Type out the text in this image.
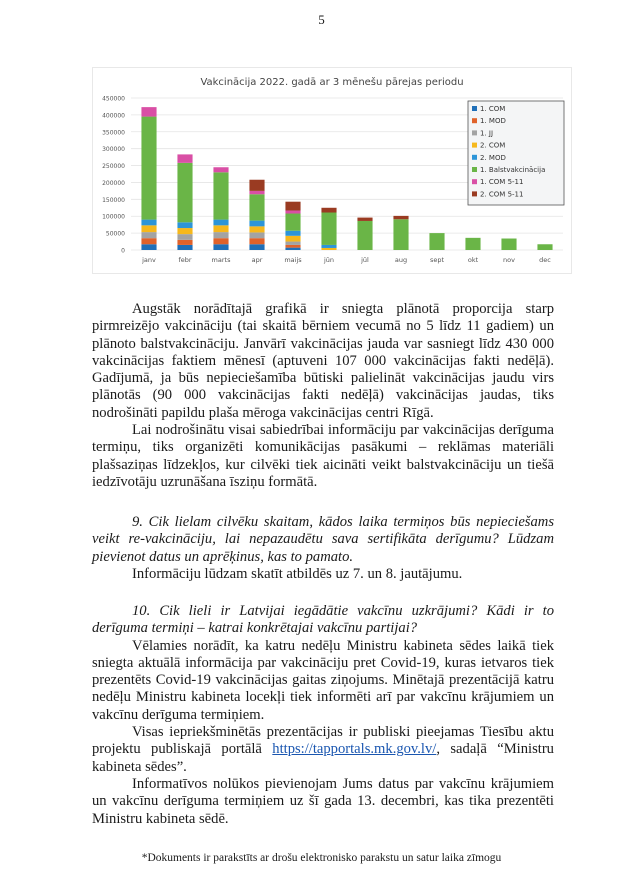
5
Vakcinācija 2022. gadā ar 3 mēnešu pārejas periodu
0
50000
100000
150000
200000
250000
300000
350000
400000
450000
janv	febr	marts	apr	maijs	jūn	jūl	aug	sept	okt	nov	dec
1. COM
1. MOD
1. JJ
2. COM
2. MOD
1. Balstvakcinācija
1. COM 5-11
2. COM 5-11

Augstāk norādītajā grafikā ir sniegta plānotā proporcija starp pirmreizējo vakcināciju (tai skaitā bērniem vecumā no 5 līdz 11 gadiem) un plānoto balstvakcināciju. Janvārī vakcinācijas jauda var sasniegt līdz 430 000 vakcinācijas faktiem mēnesī (aptuveni 107 000 vakcinācijas fakti nedēļā). Gadījumā, ja būs nepieciešamība būtiski palielināt vakcinācijas jaudu virs plānotās (90 000 vakcinācijas fakti nedēļā) vakcinācijas jaudas, tiks nodrošināti papildu plaša mēroga vakcinācijas centri Rīgā.

Lai nodrošinātu visai sabiedrībai informāciju par vakcinācijas derīguma termiņu, tiks organizēti komunikācijas pasākumi – reklāmas materiāli plašsaziņas līdzekļos, kur cilvēki tiek aicināti veikt balstvakcināciju un tiešā iedzīvotāju uzrunāšana īsziņu formātā.

9. Cik lielam cilvēku skaitam, kādos laika termiņos būs nepieciešams veikt re-vakcināciju, lai nepazaudētu sava sertifikāta derīgumu? Lūdzam pievienot datus un aprēķinus, kas to pamato.

Informāciju lūdzam skatīt atbildēs uz 7. un 8. jautājumu.

10. Cik lieli ir Latvijai iegādātie vakcīnu uzkrājumi? Kādi ir to derīguma termiņi – katrai konkrētajai vakcīnu partijai?

Vēlamies norādīt, ka katru nedēļu Ministru kabineta sēdes laikā tiek sniegta aktuālā informācija par vakcināciju pret Covid-19, kuras ietvaros tiek prezentēts Covid-19 vakcinācijas gaitas ziņojums. Minētajā prezentācijā katru nedēļu Ministru kabineta locekļi tiek informēti arī par vakcīnu krājumiem un vakcīnu derīguma termiņiem.

Visas iepriekšminētās prezentācijas ir publiski pieejamas Tiesību aktu projektu publiskajā portālā https://tapportals.mk.gov.lv/, sadaļā “Ministru kabineta sēdes”.

Informatīvos nolūkos pievienojam Jums datus par vakcīnu krājumiem un vakcīnu derīguma termiņiem uz šī gada 13. decembri, kas tika prezentēti Ministru kabineta sēdē.

*Dokuments ir parakstīts ar drošu elektronisko parakstu un satur laika zīmogu
